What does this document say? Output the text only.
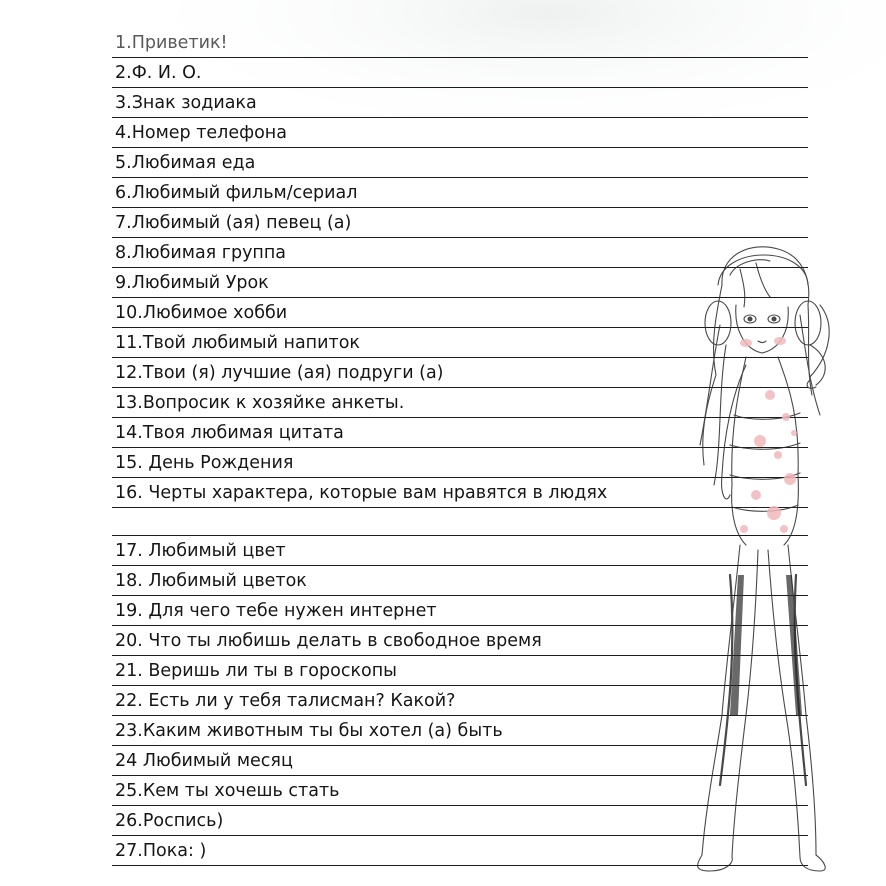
1.Приветик!
2.Ф. И. О.
3.Знак зодиака
4.Номер телефона
5.Любимая еда
6.Любимый фильм/сериал
7.Любимый (ая) певец (а)
8.Любимая группа
9.Любимый Урок
10.Любимое хобби
11.Твой любимый напиток
12.Твои (я) лучшие (ая) подруги (а)
13.Вопросик к хозяйке анкеты.
14.Твоя любимая цитата
15. День Рождения
16. Черты характера, которые вам нравятся в людях
17. Любимый цвет
18. Любимый цветок
19. Для чего тебе нужен интернет
20. Что ты любишь делать в свободное время
21. Веришь ли ты в гороскопы
22. Есть ли у тебя талисман? Какой?
23.Каким животным ты бы хотел (а) быть
24 Любимый месяц
25.Кем ты хочешь стать
26.Роспись)
27.Пока: )
